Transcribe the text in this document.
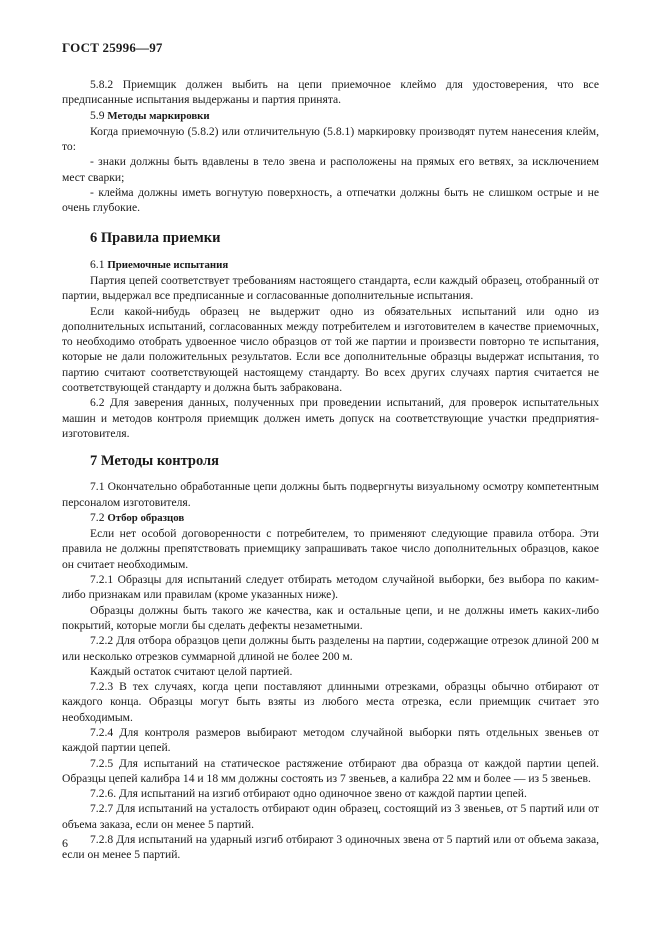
ГОСТ 25996—97

5.8.2 Приемщик должен выбить на цепи приемочное клеймо для удостоверения, что все предписанные испытания выдержаны и партия принята.

5.9 Методы маркировки

Когда приемочную (5.8.2) или отличительную (5.8.1) маркировку производят путем нанесения клейм, то:

- знаки должны быть вдавлены в тело звена и расположены на прямых его ветвях, за исключением мест сварки;

- клейма должны иметь вогнутую поверхность, а отпечатки должны быть не слишком острые и не очень глубокие.

6 Правила приемки

6.1 Приемочные испытания

Партия цепей соответствует требованиям настоящего стандарта, если каждый образец, отобранный от партии, выдержал все предписанные и согласованные дополнительные испытания.

Если какой-нибудь образец не выдержит одно из обязательных испытаний или одно из дополнительных испытаний, согласованных между потребителем и изготовителем в качестве приемочных, то необходимо отобрать удвоенное число образцов от той же партии и произвести повторно те испытания, которые не дали положительных результатов. Если все дополнительные образцы выдержат испытания, то партию считают соответствующей настоящему стандарту. Во всех других случаях партия считается не соответствующей стандарту и должна быть забракована.

6.2 Для заверения данных, полученных при проведении испытаний, для проверок испытательных машин и методов контроля приемщик должен иметь допуск на соответствующие участки предприятия-изготовителя.

7 Методы контроля

7.1 Окончательно обработанные цепи должны быть подвергнуты визуальному осмотру компетентным персоналом изготовителя.

7.2 Отбор образцов

Если нет особой договоренности с потребителем, то применяют следующие правила отбора. Эти правила не должны препятствовать приемщику запрашивать такое число дополнительных образцов, какое он считает необходимым.

7.2.1 Образцы для испытаний следует отбирать методом случайной выборки, без выбора по каким-либо признакам или правилам (кроме указанных ниже).

Образцы должны быть такого же качества, как и остальные цепи, и не должны иметь каких-либо покрытий, которые могли бы сделать дефекты незаметными.

7.2.2 Для отбора образцов цепи должны быть разделены на партии, содержащие отрезок длиной 200 м или несколько отрезков суммарной длиной не более 200 м.

Каждый остаток считают целой партией.

7.2.3 В тех случаях, когда цепи поставляют длинными отрезками, образцы обычно отбирают от каждого конца. Образцы могут быть взяты из любого места отрезка, если приемщик считает это необходимым.

7.2.4 Для контроля размеров выбирают методом случайной выборки пять отдельных звеньев от каждой партии цепей.

7.2.5 Для испытаний на статическое растяжение отбирают два образца от каждой партии цепей. Образцы цепей калибра 14 и 18 мм должны состоять из 7 звеньев, а калибра 22 мм и более — из 5 звеньев.

7.2.6. Для испытаний на изгиб отбирают одно одиночное звено от каждой партии цепей.

7.2.7 Для испытаний на усталость отбирают один образец, состоящий из 3 звеньев, от 5 партий или от объема заказа, если он менее 5 партий.

7.2.8 Для испытаний на ударный изгиб отбирают 3 одиночных звена от 5 партий или от объема заказа, если он менее 5 партий.

6
